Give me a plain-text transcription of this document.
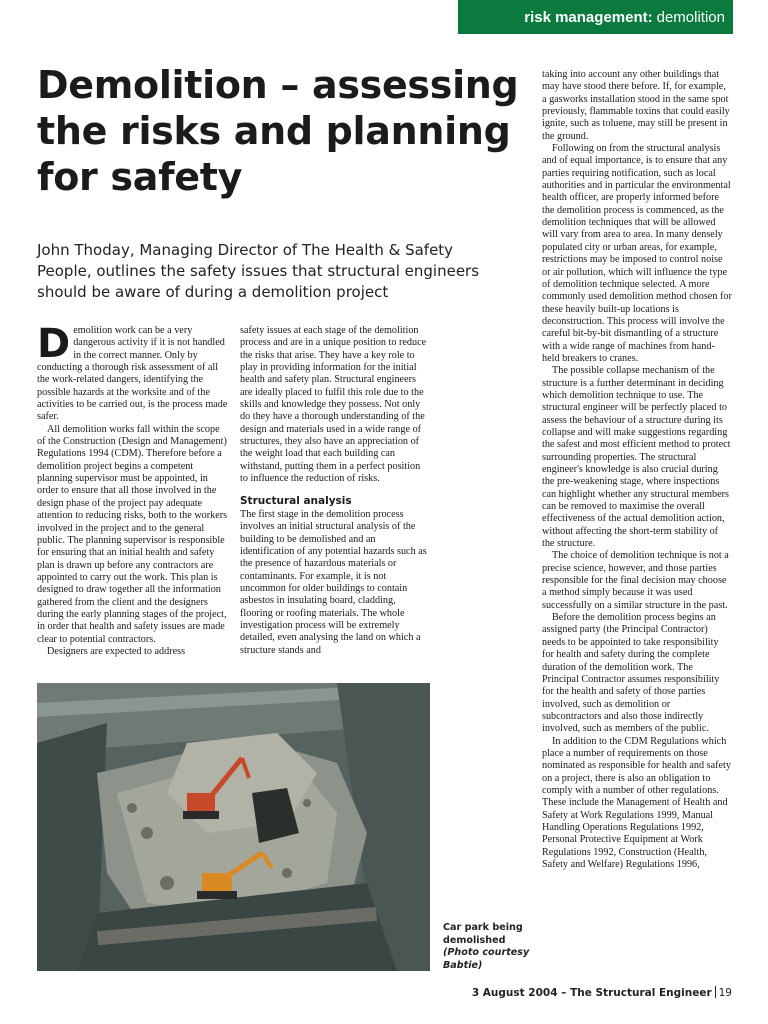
risk management: demolition
Demolition – assessing the risks and planning for safety

John Thoday, Managing Director of The Health & Safety People, outlines the safety issues that structural engineers should be aware of during a demolition project

Demolition work can be a very dangerous activity if it is not handled in the correct manner. Only by conducting a thorough risk assessment of all the work-related dangers, identifying the possible hazards at the worksite and of the activities to be carried out, is the process made safer.

All demolition works fall within the scope of the Construction (Design and Management) Regulations 1994 (CDM). Therefore before a demolition project begins a competent planning supervisor must be appointed, in order to ensure that all those involved in the design phase of the project pay adequate attention to reducing risks, both to the workers involved in the project and to the general public. The planning supervisor is responsible for ensuring that an initial health and safety plan is drawn up before any contractors are appointed to carry out the work. This plan is designed to draw together all the information gathered from the client and the designers during the early planning stages of the project, in order that health and safety issues are made clear to potential contractors.

Designers are expected to address

safety issues at each stage of the demolition process and are in a unique position to reduce the risks that arise. They have a key role to play in providing information for the initial health and safety plan. Structural engineers are ideally placed to fulfil this role due to the skills and knowledge they possess. Not only do they have a thorough understanding of the design and materials used in a wide range of structures, they also have an appreciation of the weight load that each building can withstand, putting them in a perfect position to influence the reduction of risks.

Structural analysis

The first stage in the demolition process involves an initial structural analysis of the building to be demolished and an identification of any potential hazards such as the presence of hazardous materials or contaminants. For example, it is not uncommon for older buildings to contain asbestos in insulating board, cladding, flooring or roofing materials. The whole investigation process will be extremely detailed, even analysing the land on which a structure stands and

taking into account any other buildings that may have stood there before. If, for example, a gasworks installation stood in the same spot previously, flammable toxins that could easily ignite, such as toluene, may still be present in the ground.

Following on from the structural analysis and of equal importance, is to ensure that any parties requiring notification, such as local authorities and in particular the environmental health officer, are properly informed before the demolition process is commenced, as the demolition techniques that will be allowed will vary from area to area. In many densely populated city or urban areas, for example, restrictions may be imposed to control noise or air pollution, which will influence the type of demolition technique selected. A more commonly used demolition method chosen for these heavily built-up locations is deconstruction. This process will involve the careful bit-by-bit dismantling of a structure with a wide range of machines from hand-held breakers to cranes.

The possible collapse mechanism of the structure is a further determinant in deciding which demolition technique to use. The structural engineer will be perfectly placed to assess the behaviour of a structure during its collapse and will make suggestions regarding the safest and most efficient method to protect surrounding properties. The structural engineer's knowledge is also crucial during the pre-weakening stage, where inspections can highlight whether any structural members can be removed to maximise the overall effectiveness of the actual demolition action, without affecting the short-term stability of the structure.

The choice of demolition technique is not a precise science, however, and those parties responsible for the final decision may choose a method simply because it was used successfully on a similar structure in the past.

Before the demolition process begins an assigned party (the Principal Contractor) needs to be appointed to take responsibility for health and safety during the complete duration of the demolition work. The Principal Contractor assumes responsibility for the health and safety of those parties involved, such as demolition or subcontractors and also those indirectly involved, such as members of the public.

In addition to the CDM Regulations which place a number of requirements on those nominated as responsible for health and safety on a project, there is also an obligation to comply with a number of other regulations. These include the Management of Health and Safety at Work Regulations 1999, Manual Handling Operations Regulations 1992, Personal Protective Equipment at Work Regulations 1992, Construction (Health, Safety and Welfare) Regulations 1996,

Car park being demolished
(Photo courtesy Babtie)
3 August 2004 – The Structural Engineer 19
